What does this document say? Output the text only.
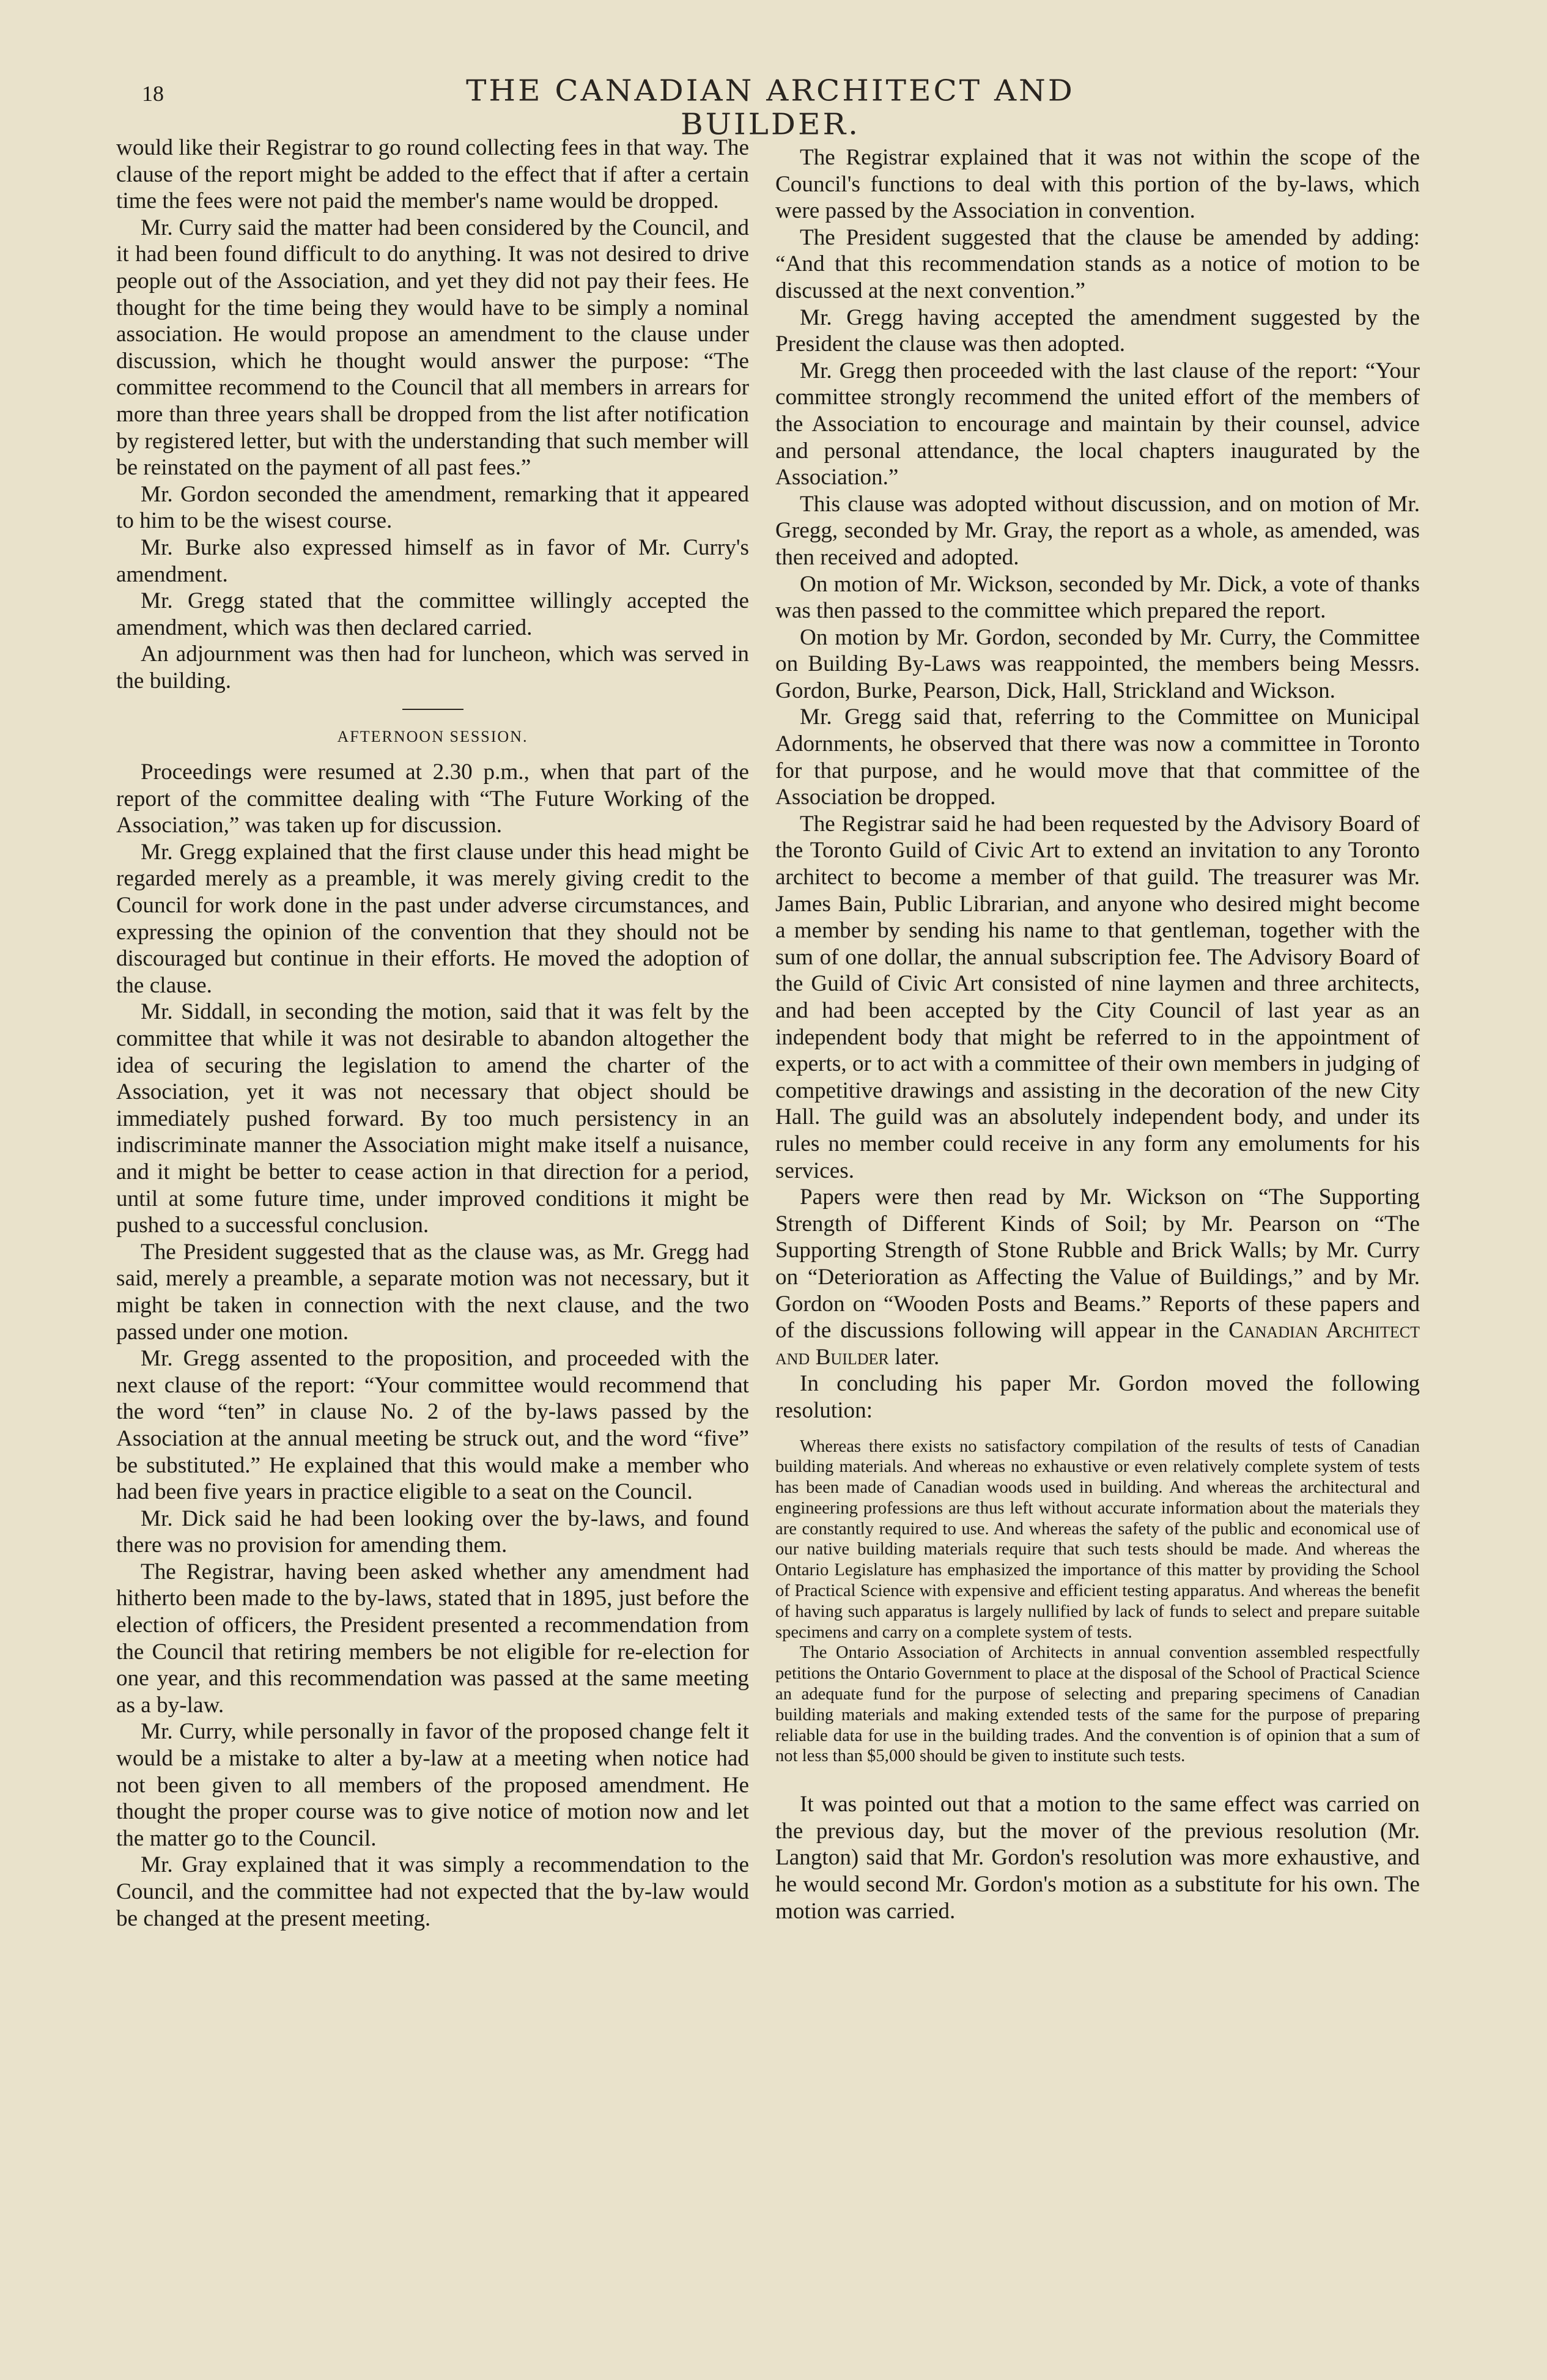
18	THE CANADIAN ARCHITECT AND BUILDER.

would like their Registrar to go round collecting fees in that way. The clause of the report might be added to the effect that if after a certain time the fees were not paid the member's name would be dropped.

Mr. Curry said the matter had been considered by the Council, and it had been found difficult to do anything. It was not desired to drive people out of the Association, and yet they did not pay their fees. He thought for the time being they would have to be simply a nominal association. He would propose an amendment to the clause under discussion, which he thought would answer the purpose: “The committee recommend to the Council that all members in arrears for more than three years shall be dropped from the list after notification by registered letter, but with the understanding that such member will be reinstated on the payment of all past fees.”

Mr. Gordon seconded the amendment, remarking that it appeared to him to be the wisest course.

Mr. Burke also expressed himself as in favor of Mr. Curry's amendment.

Mr. Gregg stated that the committee willingly accepted the amendment, which was then declared carried.

An adjournment was then had for luncheon, which was served in the building.

AFTERNOON SESSION.

Proceedings were resumed at 2.30 p.m., when that part of the report of the committee dealing with “The Future Working of the Association,” was taken up for discussion.

Mr. Gregg explained that the first clause under this head might be regarded merely as a preamble, it was merely giving credit to the Council for work done in the past under adverse circumstances, and expressing the opinion of the convention that they should not be discouraged but continue in their efforts. He moved the adoption of the clause.

Mr. Siddall, in seconding the motion, said that it was felt by the committee that while it was not desirable to abandon altogether the idea of securing the legislation to amend the charter of the Association, yet it was not necessary that object should be immediately pushed forward. By too much persistency in an indiscriminate manner the Association might make itself a nuisance, and it might be better to cease action in that direction for a period, until at some future time, under improved conditions it might be pushed to a successful conclusion.

The President suggested that as the clause was, as Mr. Gregg had said, merely a preamble, a separate motion was not necessary, but it might be taken in connection with the next clause, and the two passed under one motion.

Mr. Gregg assented to the proposition, and proceeded with the next clause of the report: “Your committee would recommend that the word “ten” in clause No. 2 of the by-laws passed by the Association at the annual meeting be struck out, and the word “five” be substituted.” He explained that this would make a member who had been five years in practice eligible to a seat on the Council.

Mr. Dick said he had been looking over the by-laws, and found there was no provision for amending them.

The Registrar, having been asked whether any amendment had hitherto been made to the by-laws, stated that in 1895, just before the election of officers, the President presented a recommendation from the Council that retiring members be not eligible for re-election for one year, and this recommendation was passed at the same meeting as a by-law.

Mr. Curry, while personally in favor of the proposed change felt it would be a mistake to alter a by-law at a meeting when notice had not been given to all members of the proposed amendment. He thought the proper course was to give notice of motion now and let the matter go to the Council.

Mr. Gray explained that it was simply a recommendation to the Council, and the committee had not expected that the by-law would be changed at the present meeting.

The Registrar explained that it was not within the scope of the Council's functions to deal with this portion of the by-laws, which were passed by the Association in convention.

The President suggested that the clause be amended by adding: “And that this recommendation stands as a notice of motion to be discussed at the next convention.”

Mr. Gregg having accepted the amendment suggested by the President the clause was then adopted.

Mr. Gregg then proceeded with the last clause of the report: “Your committee strongly recommend the united effort of the members of the Association to encourage and maintain by their counsel, advice and personal attendance, the local chapters inaugurated by the Association.”

This clause was adopted without discussion, and on motion of Mr. Gregg, seconded by Mr. Gray, the report as a whole, as amended, was then received and adopted.

On motion of Mr. Wickson, seconded by Mr. Dick, a vote of thanks was then passed to the committee which prepared the report.

On motion by Mr. Gordon, seconded by Mr. Curry, the Committee on Building By-Laws was reappointed, the members being Messrs. Gordon, Burke, Pearson, Dick, Hall, Strickland and Wickson.

Mr. Gregg said that, referring to the Committee on Municipal Adornments, he observed that there was now a committee in Toronto for that purpose, and he would move that that committee of the Association be dropped.

The Registrar said he had been requested by the Advisory Board of the Toronto Guild of Civic Art to extend an invitation to any Toronto architect to become a member of that guild. The treasurer was Mr. James Bain, Public Librarian, and anyone who desired might become a member by sending his name to that gentleman, together with the sum of one dollar, the annual subscription fee. The Advisory Board of the Guild of Civic Art consisted of nine laymen and three architects, and had been accepted by the City Council of last year as an independent body that might be referred to in the appointment of experts, or to act with a committee of their own members in judging of competitive drawings and assisting in the decoration of the new City Hall. The guild was an absolutely independent body, and under its rules no member could receive in any form any emoluments for his services.

Papers were then read by Mr. Wickson on “The Supporting Strength of Different Kinds of Soil; by Mr. Pearson on “The Supporting Strength of Stone Rubble and Brick Walls; by Mr. Curry on “Deterioration as Affecting the Value of Buildings,” and by Mr. Gordon on “Wooden Posts and Beams.” Reports of these papers and of the discussions following will appear in the Canadian Architect and Builder later.

In concluding his paper Mr. Gordon moved the following resolution:

Whereas there exists no satisfactory compilation of the results of tests of Canadian building materials. And whereas no exhaustive or even relatively complete system of tests has been made of Canadian woods used in building. And whereas the architectural and engineering professions are thus left without accurate information about the materials they are constantly required to use. And whereas the safety of the public and economical use of our native building materials require that such tests should be made. And whereas the Ontario Legislature has emphasized the importance of this matter by providing the School of Practical Science with expensive and efficient testing apparatus. And whereas the benefit of having such apparatus is largely nullified by lack of funds to select and prepare suitable specimens and carry on a complete system of tests.

The Ontario Association of Architects in annual convention assembled respectfully petitions the Ontario Government to place at the disposal of the School of Practical Science an adequate fund for the purpose of selecting and preparing specimens of Canadian building materials and making extended tests of the same for the purpose of preparing reliable data for use in the building trades. And the convention is of opinion that a sum of not less than $5,000 should be given to institute such tests.

It was pointed out that a motion to the same effect was carried on the previous day, but the mover of the previous resolution (Mr. Langton) said that Mr. Gordon's resolution was more exhaustive, and he would second Mr. Gordon's motion as a substitute for his own. The motion was carried.
